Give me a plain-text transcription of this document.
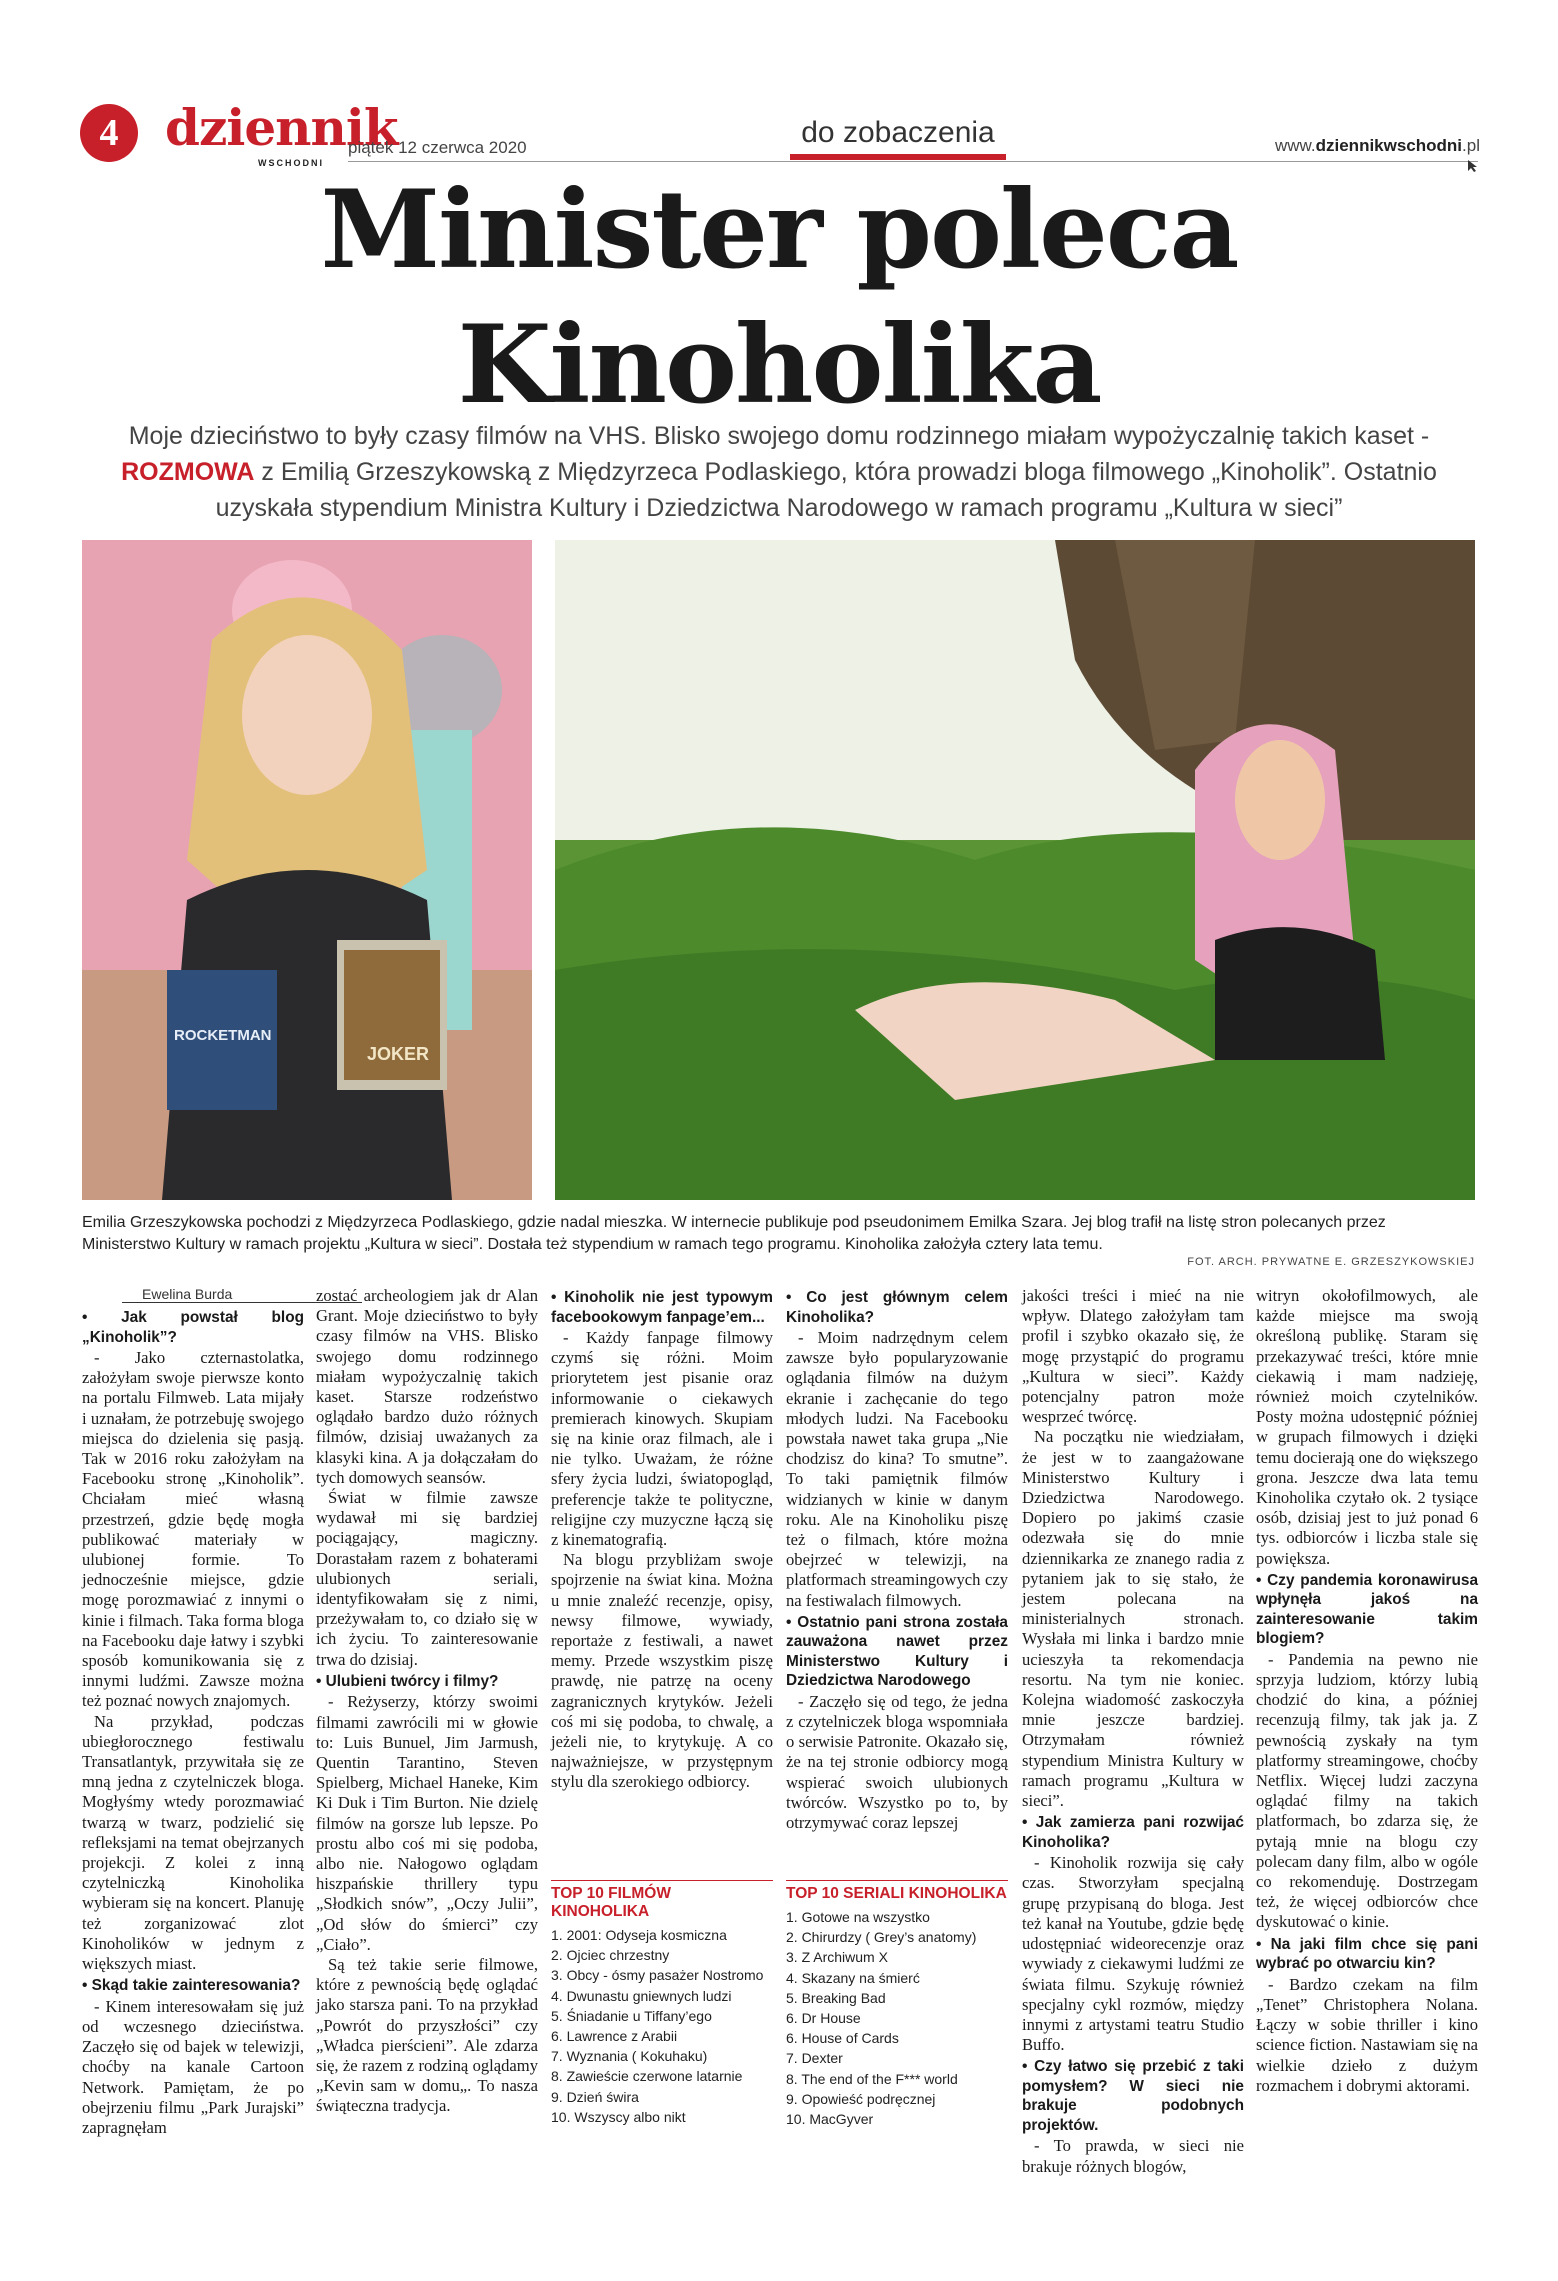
4 dziennik
WSCHODNI
piątek 12 czerwca 2020	do zobaczenia	www.dziennikwschodni.pl
Minister poleca
Kinoholika
Moje dzieciństwo to były czasy filmów na VHS. Blisko swojego domu rodzinnego miałam wypożyczalnię takich kaset -
ROZMOWA z Emilią Grzeszykowską z Międzyrzeca Podlaskiego, która prowadzi bloga filmowego „Kinoholik”. Ostatnio
uzyskała stypendium Ministra Kultury i Dziedzictwa Narodowego w ramach programu „Kultura w sieci”
ROCKETMAN
JOKER
Emilia Grzeszykowska pochodzi z Międzyrzeca Podlaskiego, gdzie nadal mieszka. W internecie publikuje pod pseudonimem Emilka Szara. Jej blog trafił na listę stron polecanych przez Ministerstwo Kultury w ramach projektu „Kultura w sieci”. Dostała też stypendium w ramach tego programu. Kinoholika założyła cztery lata temu.
FOT. ARCH. PRYWATNE E. GRZESZYKOWSKIEJ
Ewelina Burda

• Jak powstał blog „Kinoholik”?

- Jako czternastolatka, założyłam swoje pierwsze konto na portalu Filmweb. Lata mijały i uznałam, że potrzebuję swojego miejsca do dzielenia się pasją. Tak w 2016 roku założyłam na Facebooku stronę „Kinoholik”. Chciałam mieć własną przestrzeń, gdzie będę mogła publikować materiały w ulubionej formie. To jednocześnie miejsce, gdzie mogę porozmawiać z innymi o kinie i filmach. Taka forma bloga na Facebooku daje łatwy i szybki sposób komunikowania się z innymi ludźmi. Zawsze można też poznać nowych znajomych.

Na przykład, podczas ubiegłorocznego festiwalu Transatlantyk, przywitała się ze mną jedna z czytelniczek bloga. Mogłyśmy wtedy porozmawiać twarzą w twarz, podzielić się refleksjami na temat obejrzanych projekcji. Z kolei z inną czytelniczką Kinoholika wybieram się na koncert. Planuję też zorganizować zlot Kinoholików w jednym z większych miast.

• Skąd takie zainteresowania?

- Kinem interesowałam się już od wczesnego dzieciństwa. Zaczęło się od bajek w telewizji, choćby na kanale Cartoon Network. Pamiętam, że po obejrzeniu filmu „Park Jurajski” zapragnęłam

zostać archeologiem jak dr Alan Grant. Moje dzieciństwo to były czasy filmów na VHS. Blisko swojego domu rodzinnego miałam wypożyczalnię takich kaset. Starsze rodzeństwo oglądało bardzo dużo różnych filmów, dzisiaj uważanych za klasyki kina. A ja dołączałam do tych domowych seansów.

Świat w filmie zawsze wydawał mi się bardziej pociągający, magiczny. Dorastałam razem z bohaterami ulubionych seriali, identyfikowałam się z nimi, przeżywałam to, co działo się w ich życiu. To zainteresowanie trwa do dzisiaj.

• Ulubieni twórcy i filmy?

- Reżyserzy, którzy swoimi filmami zawrócili mi w głowie to: Luis Bunuel, Jim Jarmush, Quentin Tarantino, Steven Spielberg, Michael Haneke, Kim Ki Duk i Tim Burton. Nie dzielę filmów na gorsze lub lepsze. Po prostu albo coś mi się podoba, albo nie. Nałogowo oglądam hiszpańskie thrillery typu „Słodkich snów”, „Oczy Julii”, „Od słów do śmierci” czy „Ciało”.

Są też takie serie filmowe, które z pewnością będę oglądać jako starsza pani. To na przykład „Powrót do przyszłości” czy „Władca pierścieni”. Ale zdarza się, że razem z rodziną oglądamy „Kevin sam w domu„. To nasza świąteczna tradycja.

• Kinoholik nie jest typowym facebookowym fanpage’em...

- Każdy fanpage filmowy czymś się różni. Moim priorytetem jest pisanie oraz informowanie o ciekawych premierach kinowych. Skupiam się na kinie oraz filmach, ale i nie tylko. Uważam, że różne sfery życia ludzi, światopogląd, preferencje także te polityczne, religijne czy muzyczne łączą się z kinematografią.

Na blogu przybliżam swoje spojrzenie na świat kina. Można u mnie znaleźć recenzje, opisy, newsy filmowe, wywiady, reportaże z festiwali, a nawet memy. Przede wszystkim piszę prawdę, nie patrzę na oceny zagranicznych krytyków. Jeżeli coś mi się podoba, to chwalę, a jeżeli nie, to krytykuję. A co najważniejsze, w przystępnym stylu dla szerokiego odbiorcy.

• Co jest głównym celem Kinoholika?

- Moim nadrzędnym celem zawsze było popularyzowanie oglądania filmów na dużym ekranie i zachęcanie do tego młodych ludzi. Na Facebooku powstała nawet taka grupa „Nie chodzisz do kina? To smutne”. To taki pamiętnik filmów widzianych w kinie w danym roku. Ale na Kinoholiku piszę też o filmach, które można obejrzeć w telewizji, na platformach streamingowych czy na festiwalach filmowych.

• Ostatnio pani strona została zauważona nawet przez Ministerstwo Kultury i Dziedzictwa Narodowego

- Zaczęło się od tego, że jedna z czytelniczek bloga wspomniała o serwisie Patronite. Okazało się, że na tej stronie odbiorcy mogą wspierać swoich ulubionych twórców. Wszystko po to, by otrzymywać coraz lepszej

jakości treści i mieć na nie wpływ. Dlatego założyłam tam profil i szybko okazało się, że mogę przystąpić do programu „Kultura w sieci”. Każdy potencjalny patron może wesprzeć twórcę.

Na początku nie wiedziałam, że jest w to zaangażowane Ministerstwo Kultury i Dziedzictwa Narodowego. Dopiero po jakimś czasie odezwała się do mnie dziennikarka ze znanego radia z pytaniem jak to się stało, że jestem polecana na ministerialnych stronach. Wysłała mi linka i bardzo mnie ucieszyła ta rekomendacja resortu. Na tym nie koniec. Kolejna wiadomość zaskoczyła mnie jeszcze bardziej. Otrzymałam również stypendium Ministra Kultury w ramach programu „Kultura w sieci”.

• Jak zamierza pani rozwijać Kinoholika?

- Kinoholik rozwija się cały czas. Stworzyłam specjalną grupę przypisaną do bloga. Jest też kanał na Youtube, gdzie będę udostępniać wideorecenzje oraz wywiady z ciekawymi ludźmi ze świata filmu. Szykuję również specjalny cykl rozmów, między innymi z artystami teatru Studio Buffo.

• Czy łatwo się przebić z taki pomysłem? W sieci nie brakuje podobnych projektów.

- To prawda, w sieci nie brakuje różnych blogów,

witryn okołofilmowych, ale każde miejsce ma swoją określoną publikę. Staram się przekazywać treści, które mnie ciekawią i mam nadzieję, również moich czytelników. Posty można udostępnić później w grupach filmowych i dzięki temu docierają one do większego grona. Jeszcze dwa lata temu Kinoholika czytało ok. 2 tysiące osób, dzisiaj jest to już ponad 6 tys. odbiorców i liczba stale się powiększa.

• Czy pandemia koronawirusa wpłynęła jakoś na zainteresowanie takim blogiem?

- Pandemia na pewno nie sprzyja ludziom, którzy lubią chodzić do kina, a później recenzują filmy, tak jak ja. Z pewnością zyskały na tym platformy streamingowe, choćby Netflix. Więcej ludzi zaczyna oglądać filmy na takich platformach, bo zdarza się, że pytają mnie na blogu czy polecam dany film, albo w ogóle co rekomenduję. Dostrzegam też, że więcej odbiorców chce dyskutować o kinie.

• Na jaki film chce się pani wybrać po otwarciu kin?

- Bardzo czekam na film „Tenet” Christophera Nolana. Łączy w sobie thriller i kino science fiction. Nastawiam się na wielkie dzieło z dużym rozmachem i dobrymi aktorami.

TOP 10 FILMÓW KINOHOLIKA
1. 2001: Odyseja kosmiczna
2. Ojciec chrzestny
3. Obcy - ósmy pasażer Nostromo
4. Dwunastu gniewnych ludzi
5. Śniadanie u Tiffany’ego
6. Lawrence z Arabii
7. Wyznania ( Kokuhaku)
8. Zawieście czerwone latarnie
9. Dzień świra
10. Wszyscy albo nikt
TOP 10 SERIALI KINOHOLIKA
1. Gotowe na wszystko
2. Chirurdzy ( Grey’s anatomy)
3. Z Archiwum X
4. Skazany na śmierć
5. Breaking Bad
6. Dr House
6. House of Cards
7. Dexter
8. The end of the F*** world
9. Opowieść podręcznej
10. MacGyver
